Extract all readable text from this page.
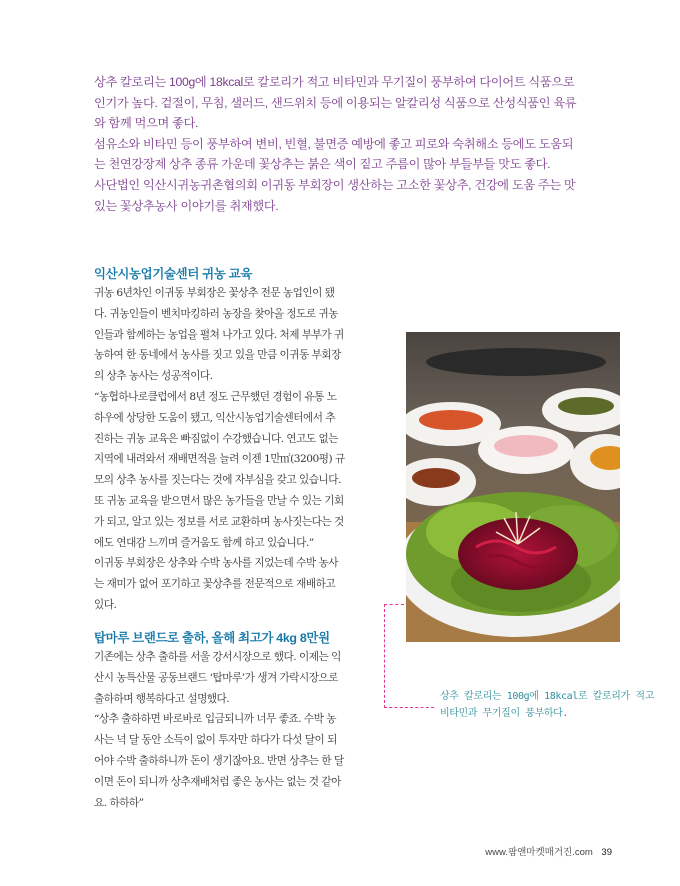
상추 칼로리는 100g에 18kcal로 칼로리가 적고 비타민과 무기질이 풍부하여 다이어트 식품으로

인기가 높다. 겉절이, 무침, 샐러드, 샌드위치 등에 이용되는 알칼리성 식품으로 산성식품인 육류

와 함께 먹으며 좋다.

섬유소와 비타민 등이 풍부하여 변비, 빈혈, 불면증 예방에 좋고 피로와 숙취해소 등에도 도움되

는 천연강장제 상추 종류 가운데 꽃상추는 붉은 색이 짙고 주름이 많아 부들부들 맛도 좋다.

사단법인 익산시귀농귀촌협의회 이귀동 부회장이 생산하는 고소한 꽃상추, 건강에 도움 주는 맛

있는 꽃상추농사 이야기를 취재했다.

익산시농업기술센터 귀농 교육

귀농 6년차인 이귀동 부회장은 꽃상추 전문 농업인이 됐

다. 귀농인들이 벤치마킹하러 농장을 찾아올 정도로 귀농

인들과 함께하는 농업을 펼쳐 나가고 있다. 처제 부부가 귀

농하여 한 동네에서 농사를 짓고 있을 만큼 이귀동 부회장

의 상추 농사는 성공적이다.

“농협하나로클럽에서 8년 정도 근무했던 경험이 유통 노

하우에 상당한 도움이 됐고, 익산시농업기술센터에서 추

진하는 귀농 교육은 빠짐없이 수강했습니다. 연고도 없는

지역에 내려와서 재배면적을 늘려 이젠 1만㎡(3200평) 규

모의 상추 농사를 짓는다는 것에 자부심을 갖고 있습니다.

또 귀농 교육을 받으면서 많은 농가들을 만날 수 있는 기회

가 되고, 알고 있는 정보를 서로 교환하며 농사짓는다는 것

에도 연대감 느끼며 즐거움도 함께 하고 있습니다.”

이귀동 부회장은 상추와 수박 농사를 지었는데 수박 농사

는 재미가 없어 포기하고 꽃상추를 전문적으로 재배하고

있다.

탑마루 브랜드로 출하, 올해 최고가 4kg 8만원

기존에는 상추 출하를 서울 강서시장으로 했다. 이제는 익

산시 농특산물 공동브랜드 ‘탑마루’가 생겨 가락시장으로

출하하며 행복하다고 설명했다.

“상추 출하하면 바로바로 입금되니까 너무 좋죠. 수박 농

사는 넉 달 동안 소득이 없이 투자만 하다가 다섯 달이 되

어야 수박 출하하니까 돈이 생기잖아요. 반면 상추는 한 달

이면 돈이 되니까 상추재배처럼 좋은 농사는 없는 것 같아

요. 하하하”

상추 칼로리는 100g에 18kcal로 칼로리가 적고

비타민과 무기질이 풍부하다.

www.팜앤마켓매거진.com 39
